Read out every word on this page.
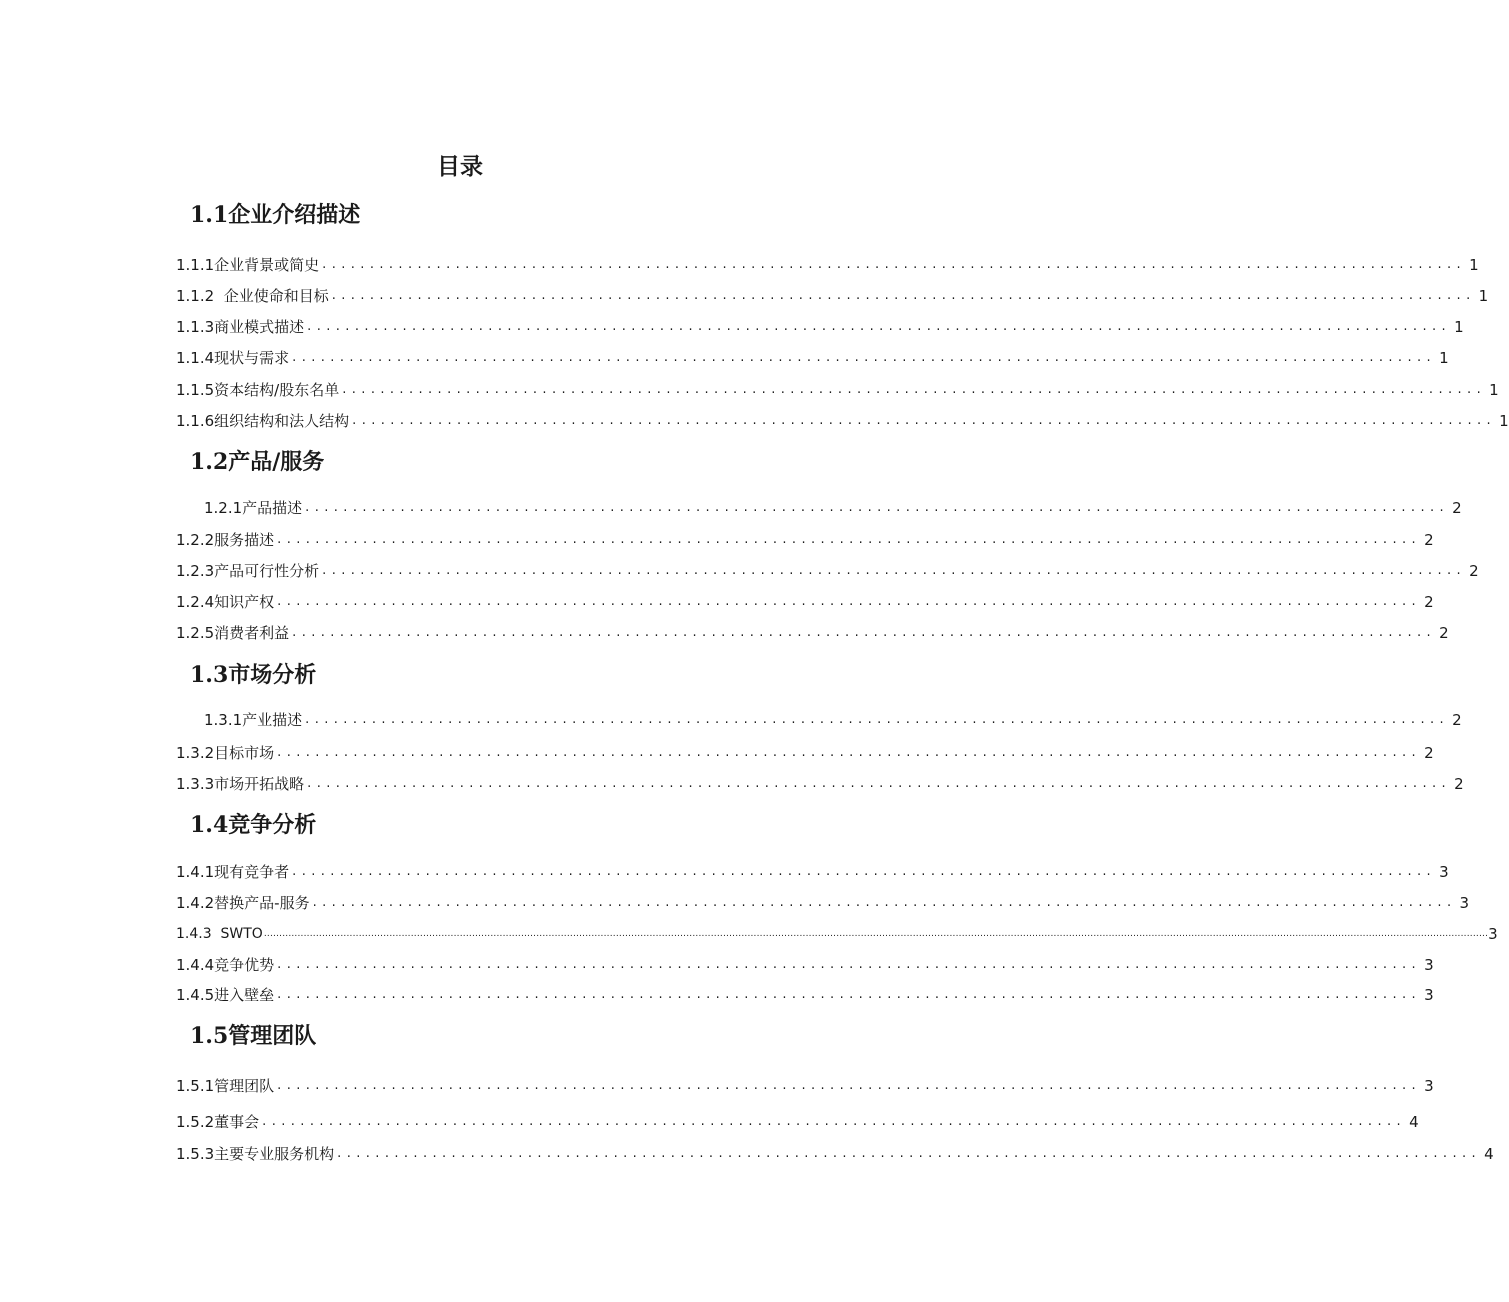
目录
1.1企业介绍描述
1.1.1企业背景或简史 ........................................................................................................................ 1
1.1.2  企业使命和目标 ........................................................................................................................ 1
1.1.3商业模式描述 ........................................................................................................................ 1
1.1.4现状与需求 ........................................................................................................................ 1
1.1.5资本结构/股东名单 ........................................................................................................................ 1
1.1.6组织结构和法人结构 ........................................................................................................................ 1
1.2产品/服务
1.2.1产品描述 ........................................................................................................................ 2
1.2.2服务描述 ........................................................................................................................ 2
1.2.3产品可行性分析 ........................................................................................................................ 2
1.2.4知识产权 ........................................................................................................................ 2
1.2.5消费者利益 ........................................................................................................................ 2
1.3市场分析
1.3.1产业描述 ........................................................................................................................ 2
1.3.2目标市场 ........................................................................................................................ 2
1.3.3市场开拓战略 ........................................................................................................................ 2
1.4竞争分析
1.4.1现有竞争者 ........................................................................................................................ 3
1.4.2替换产品-服务 ........................................................................................................................ 3
1.4.3  SWTO ................................................................................................................................................................................................................................................................................................................................................................................................................ 3
1.4.4竞争优势 ........................................................................................................................ 3
1.4.5进入壁垒 ........................................................................................................................ 3
1.5管理团队
1.5.1管理团队 ........................................................................................................................ 3
1.5.2董事会 ........................................................................................................................ 4
1.5.3主要专业服务机构 ........................................................................................................................ 4
